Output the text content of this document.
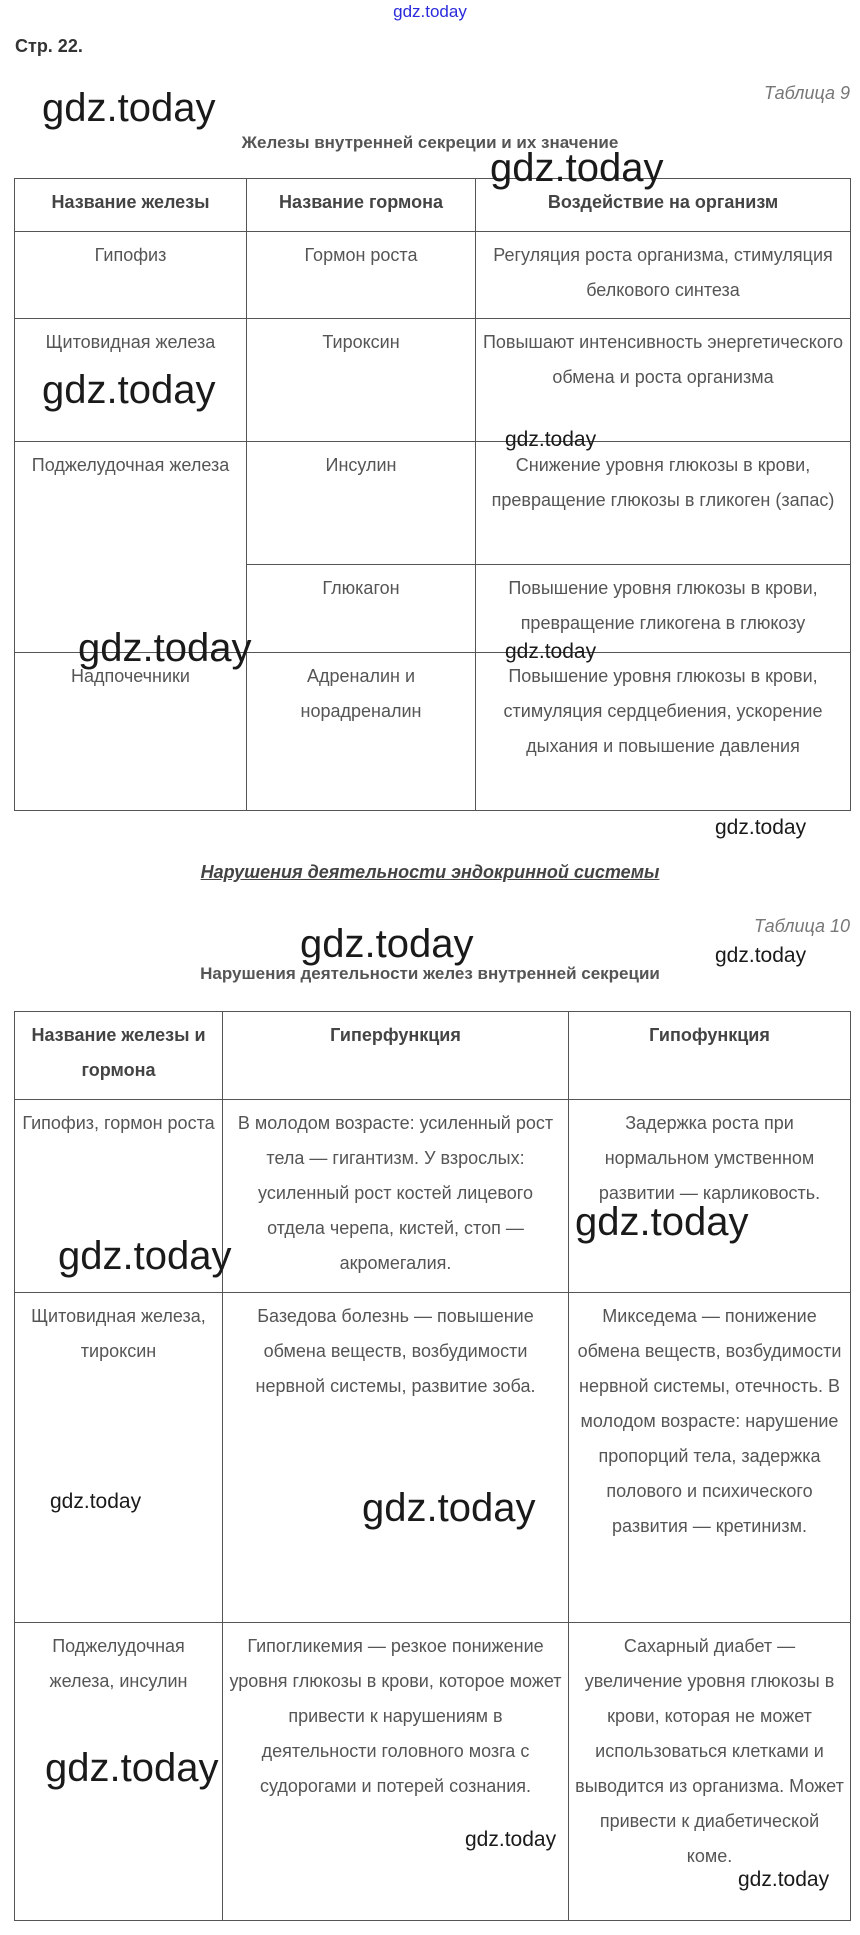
gdz.today
Стр. 22.
Таблица 9
Железы внутренней секреции и их значение
Название железы	Название гормона	Воздействие на организм
Гипофиз	Гормон роста	Регуляция роста организма, стимуляция белкового синтеза
Щитовидная железа	Тироксин	Повышают интенсивность энергетического обмена и роста организма
Поджелудочная железа	Инсулин	Снижение уровня глюкозы в крови, превращение глюкозы в гликоген (запас)
	Глюкагон	Повышение уровня глюкозы в крови, превращение гликогена в глюкозу
Надпочечники	Адреналин и норадреналин	Повышение уровня глюкозы в крови, стимуляция сердцебиения, ускорение дыхания и повышение давления
Нарушения деятельности эндокринной системы
Таблица 10
Нарушения деятельности желез внутренней секреции
Название железы и гормона	Гиперфункция	Гипофункция
Гипофиз, гормон роста	В молодом возрасте: усиленный рост тела — гигантизм. У взрослых: усиленный рост костей лицевого отдела черепа, кистей, стоп — акромегалия.	Задержка роста при нормальном умственном развитии — карликовость.
Щитовидная железа, тироксин	Базедова болезнь — повышение обмена веществ, возбудимости нервной системы, развитие зоба.	Микседема — понижение обмена веществ, возбудимости нервной системы, отечность. В молодом возрасте: нарушение пропорций тела, задержка полового и психического развития — кретинизм.
Поджелудочная железа, инсулин	Гипогликемия — резкое понижение уровня глюкозы в крови, которое может привести к нарушениям в деятельности головного мозга с судорогами и потерей сознания.	Сахарный диабет — увеличение уровня глюкозы в крови, которая не может использоваться клетками и выводится из организма. Может привести к диабетической коме.
gdz.today
gdz.today
gdz.today
gdz.today
gdz.today	gdz.today
gdz.today
gdz.today	gdz.today
gdz.today
gdz.today
gdz.today	gdz.today
gdz.today
gdz.today
gdz.today
